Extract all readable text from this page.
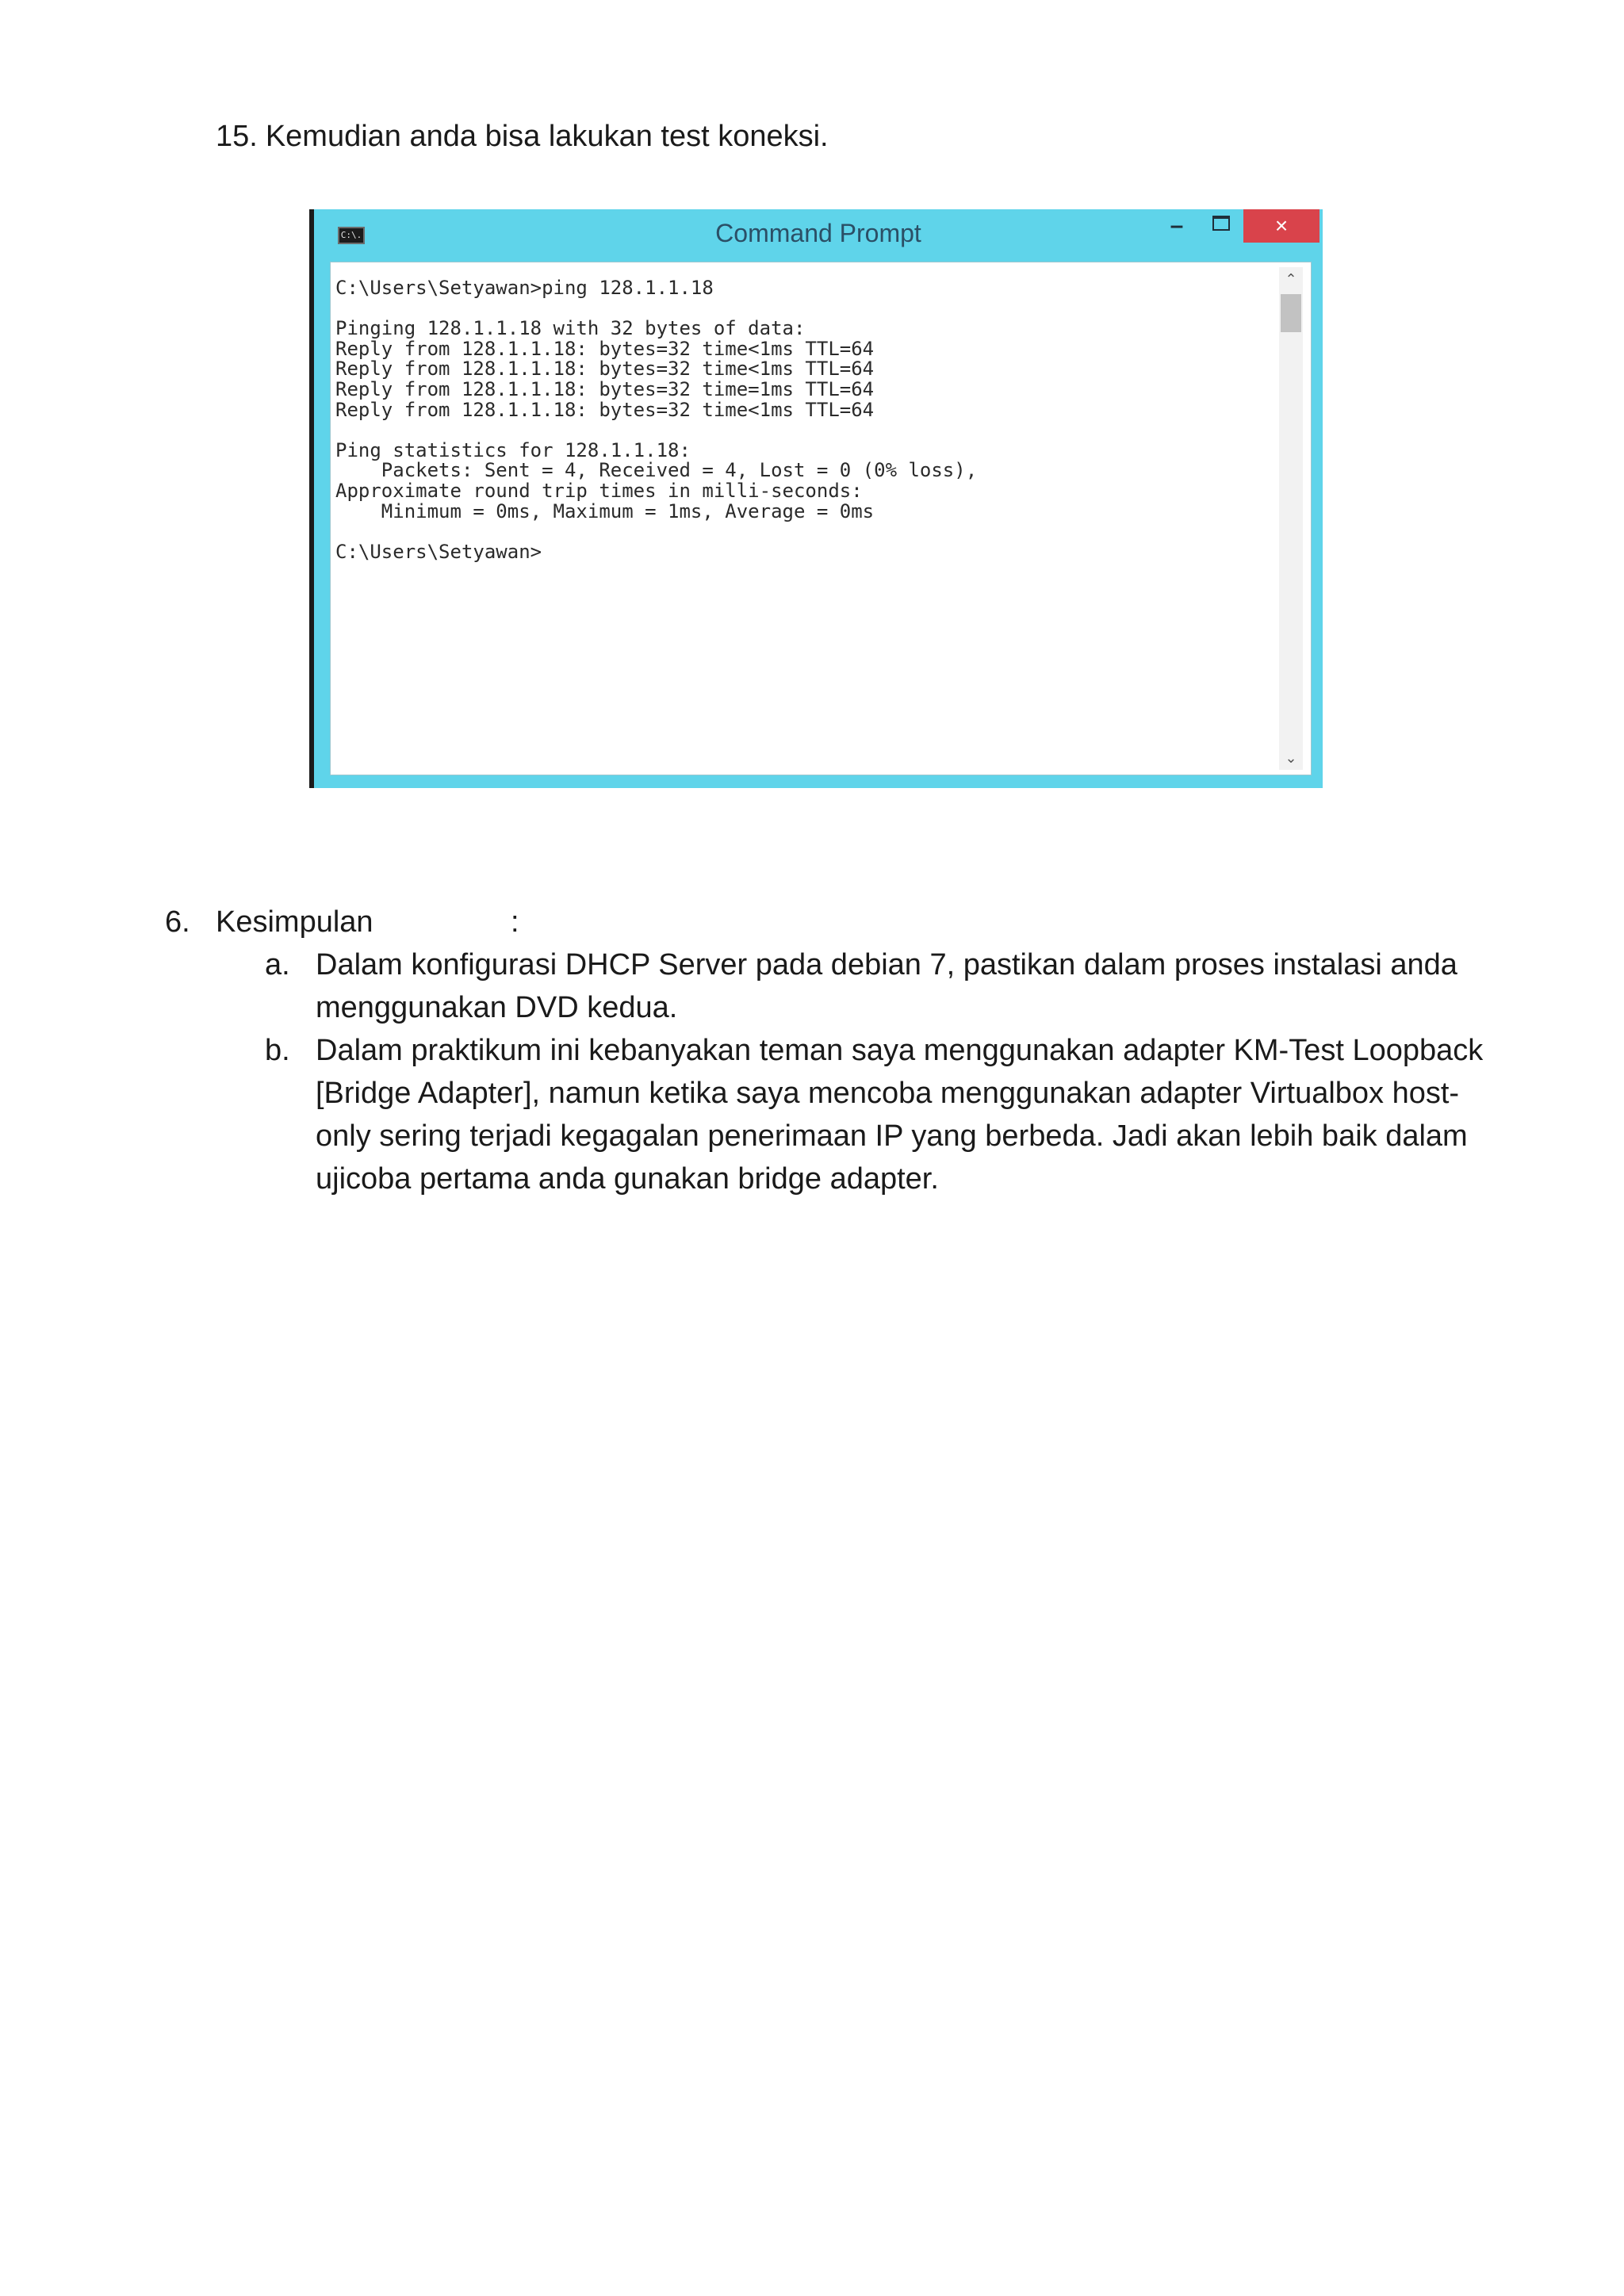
15. Kemudian anda bisa lakukan test koneksi.
C:\.	Command Prompt	–	×
C:\Users\Setyawan>ping 128.1.1.18

Pinging 128.1.1.18 with 32 bytes of data:
Reply from 128.1.1.18: bytes=32 time<1ms TTL=64
Reply from 128.1.1.18: bytes=32 time<1ms TTL=64
Reply from 128.1.1.18: bytes=32 time=1ms TTL=64
Reply from 128.1.1.18: bytes=32 time<1ms TTL=64

Ping statistics for 128.1.1.18:
Packets: Sent = 4, Received = 4, Lost = 0 (0% loss),
Approximate round trip times in milli-seconds:
Minimum = 0ms, Maximum = 1ms, Average = 0ms

C:\Users\Setyawan>
⌃
⌄
6. Kesimpulan	:
a. Dalam konfigurasi DHCP Server pada debian 7, pastikan dalam proses instalasi anda
menggunakan DVD kedua.
b. Dalam praktikum ini kebanyakan teman saya menggunakan adapter KM-Test Loopback
[Bridge Adapter], namun ketika saya mencoba menggunakan adapter Virtualbox host-
only sering terjadi kegagalan penerimaan IP yang berbeda. Jadi akan lebih baik dalam
ujicoba pertama anda gunakan bridge adapter.
